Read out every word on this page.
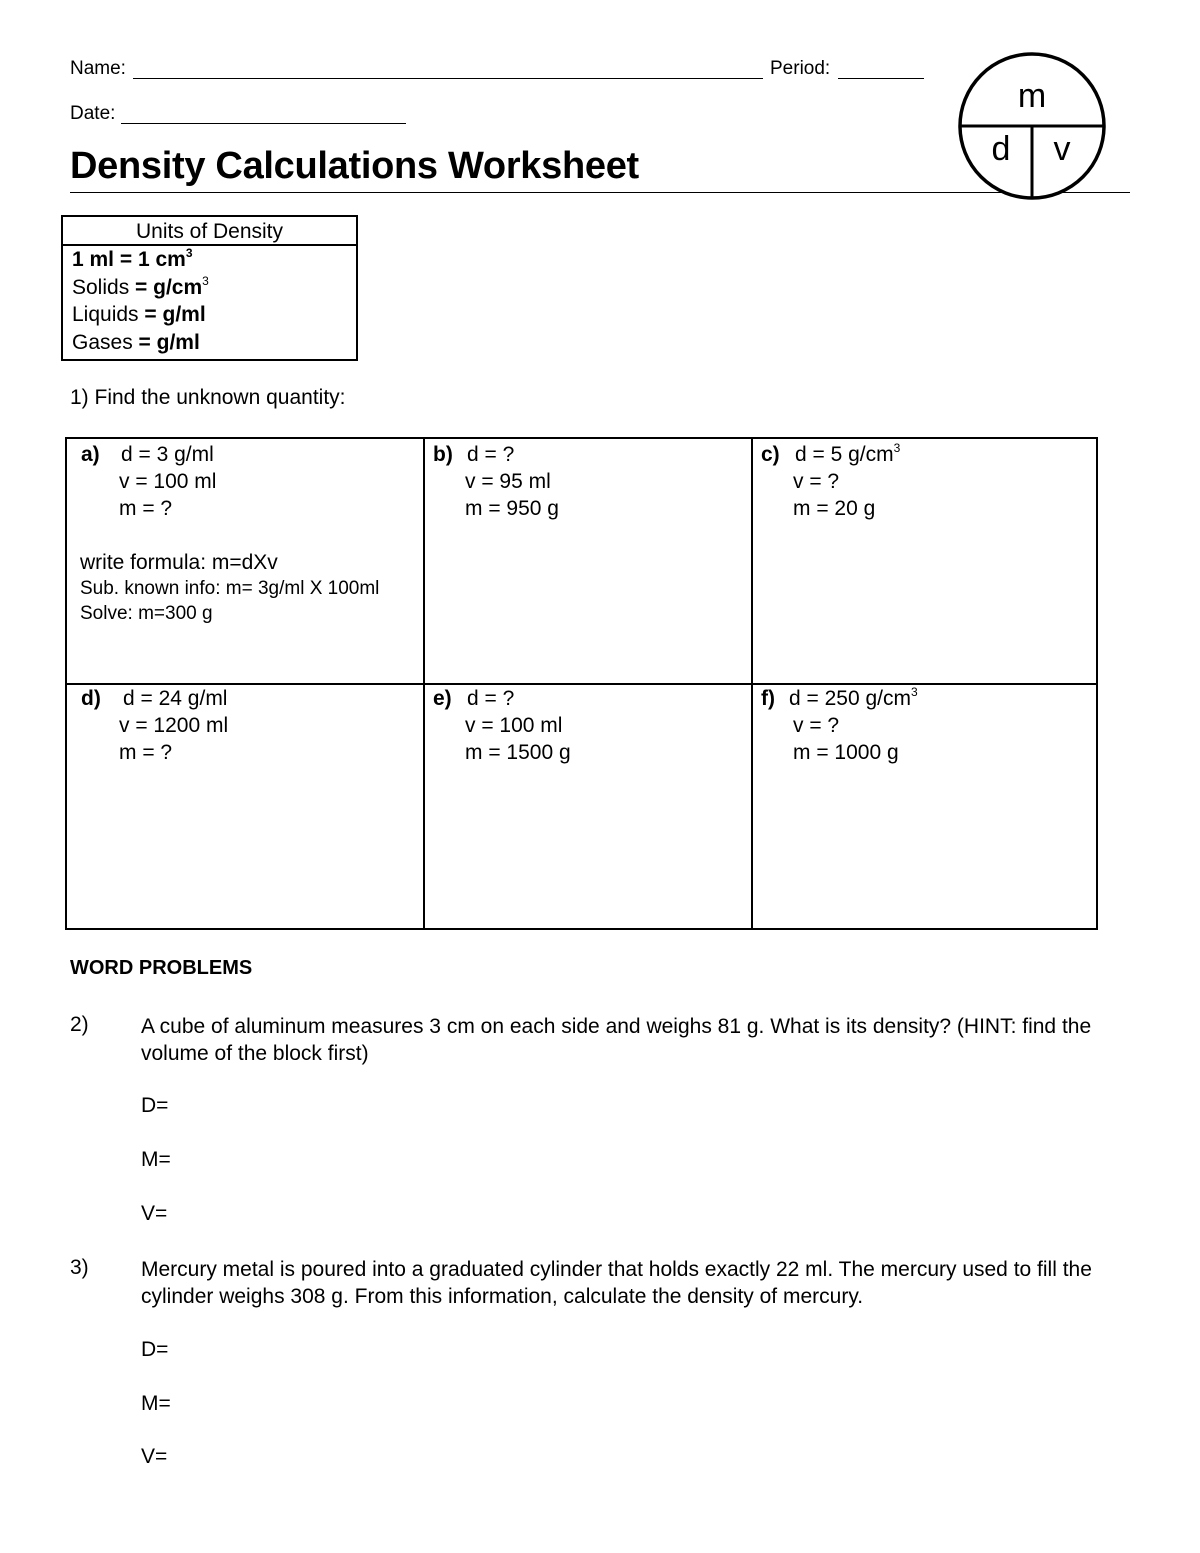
Name:	Period:
Date:
Density Calculations Worksheet
m
d v
Units of Density
1 ml = 1 $cm^3$
Solids = $g/cm^3$
Liquids = g/ml
Gases = g/ml
1) Find the unknown quantity:
a) d = 3 g/ml
v = 100 ml
m = ?
write formula: m=dXv
Sub. known info: m= 3g/ml X 100ml
Solve: m=300 g
b) d = ?
v = 95 ml
m = 950 g
c) d = 5 $g/cm^3$
v = ?
m = 20 g
d) d = 24 g/ml
v = 1200 ml
m = ?
e) d = ?
v = 100 ml
m = 1500 g
f) d = 250 $g/cm^3$
v = ?
m = 1000 g
WORD PROBLEMS
2) A cube of aluminum measures 3 cm on each side and weighs 81 g. What is its density? (HINT: find the volume of the block first)
D=
M=
V=
3) Mercury metal is poured into a graduated cylinder that holds exactly 22 ml. The mercury used to fill the cylinder weighs 308 g. From this information, calculate the density of mercury.
D=
M=
V=
